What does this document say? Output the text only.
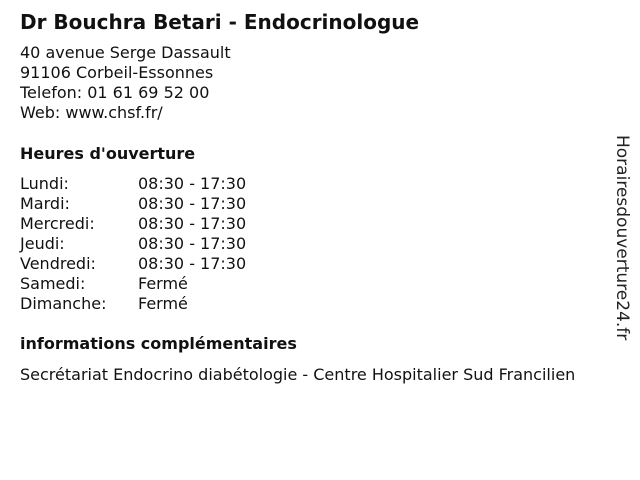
Dr Bouchra Betari - Endocrinologue
40 avenue Serge Dassault
91106 Corbeil-Essonnes
Telefon: 01 61 69 52 00
Web: www.chsf.fr/
Heures d'ouverture
Lundi:	08:30 - 17:30
Mardi:	08:30 - 17:30
Mercredi:	08:30 - 17:30
Jeudi:	08:30 - 17:30
Vendredi:	08:30 - 17:30
Samedi:	Fermé
Dimanche: Fermé
informations complémentaires
Secrétariat Endocrino diabétologie - Centre Hospitalier Sud Francilien
Horairesdouverture24.fr
